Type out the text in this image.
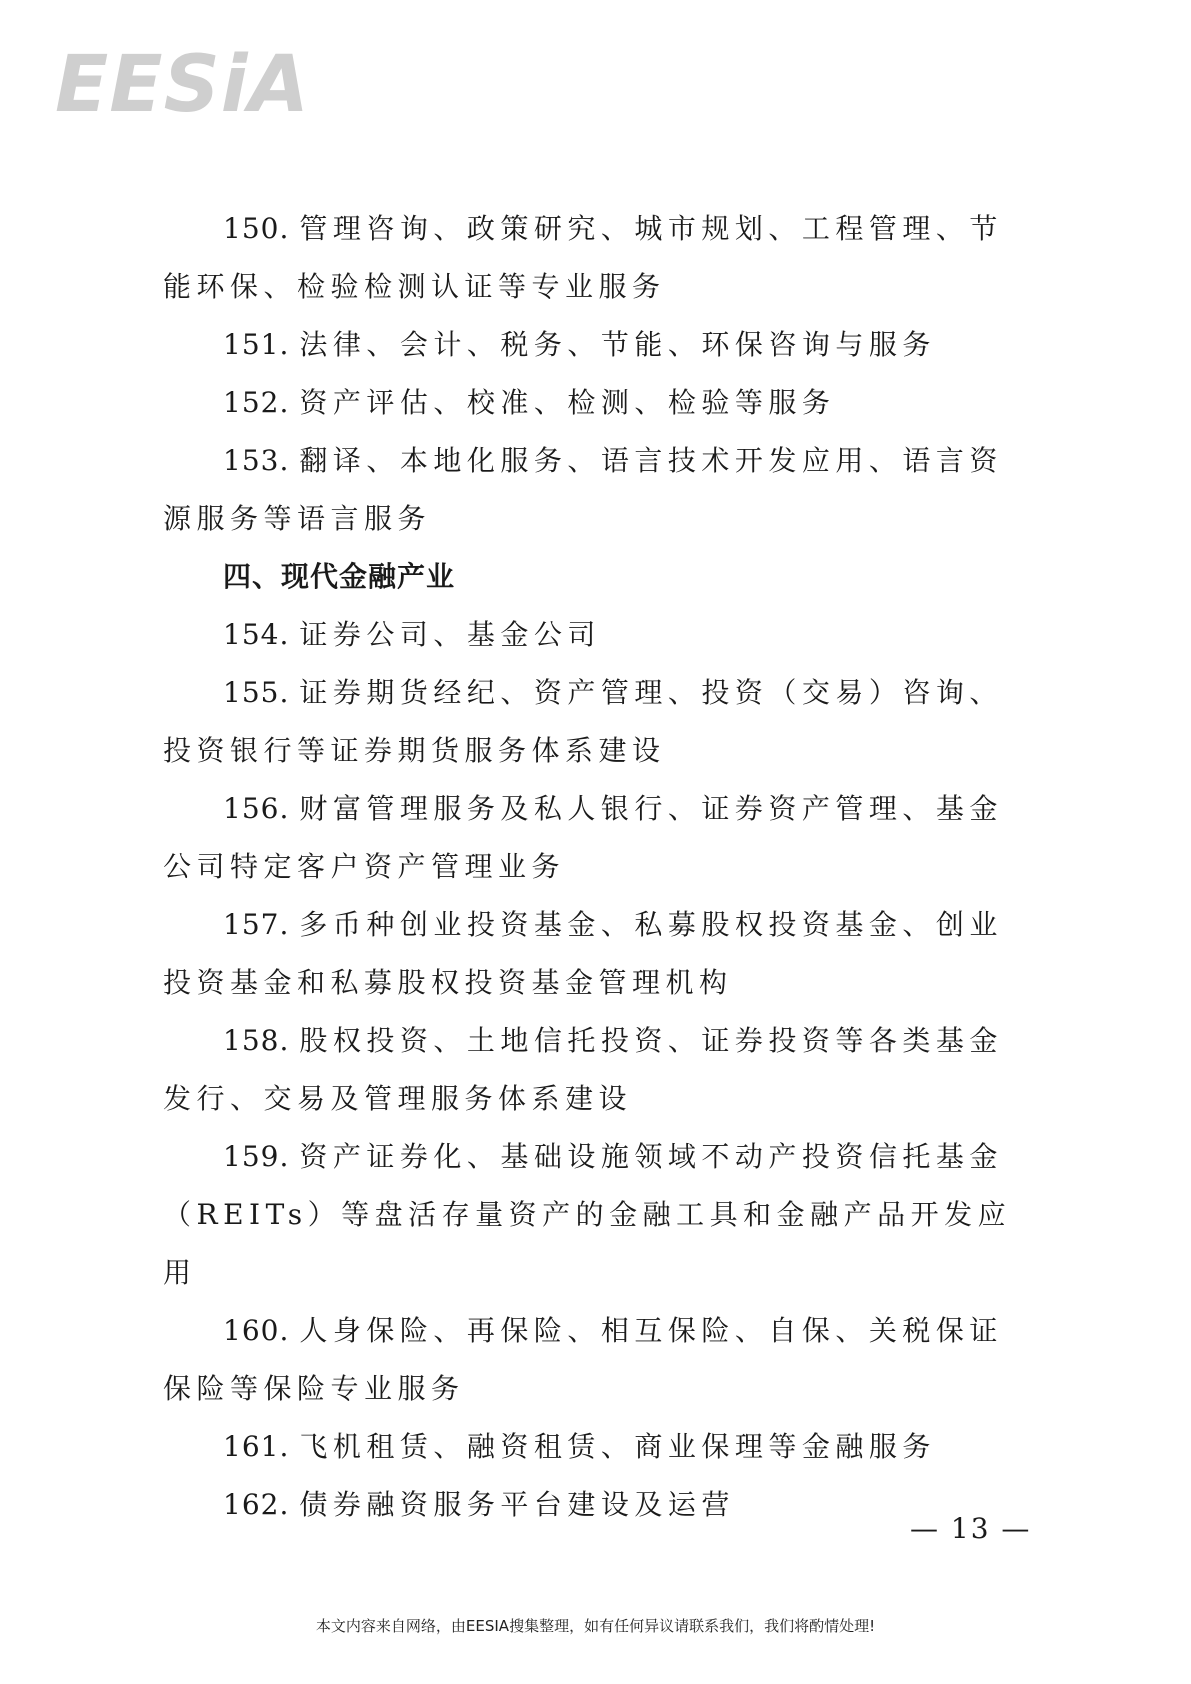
EESiA

150. 管理咨询、政策研究、城市规划、工程管理、节能环保、检验检测认证等专业服务

151. 法律、会计、税务、节能、环保咨询与服务

152. 资产评估、校准、检测、检验等服务

153. 翻译、本地化服务、语言技术开发应用、语言资源服务等语言服务

四、现代金融产业

154. 证券公司、基金公司

155. 证券期货经纪、资产管理、投资（交易）咨询、投资银行等证券期货服务体系建设

156. 财富管理服务及私人银行、证券资产管理、基金公司特定客户资产管理业务

157. 多币种创业投资基金、私募股权投资基金、创业投资基金和私募股权投资基金管理机构

158. 股权投资、土地信托投资、证券投资等各类基金发行、交易及管理服务体系建设

159. 资产证券化、基础设施领域不动产投资信托基金（REITs）等盘活存量资产的金融工具和金融产品开发应用

160. 人身保险、再保险、相互保险、自保、关税保证保险等保险专业服务

161. 飞机租赁、融资租赁、商业保理等金融服务

162. 债券融资服务平台建设及运营

— 13 —
本文内容来自网络，由EESIA搜集整理，如有任何异议请联系我们，我们将酌情处理!
